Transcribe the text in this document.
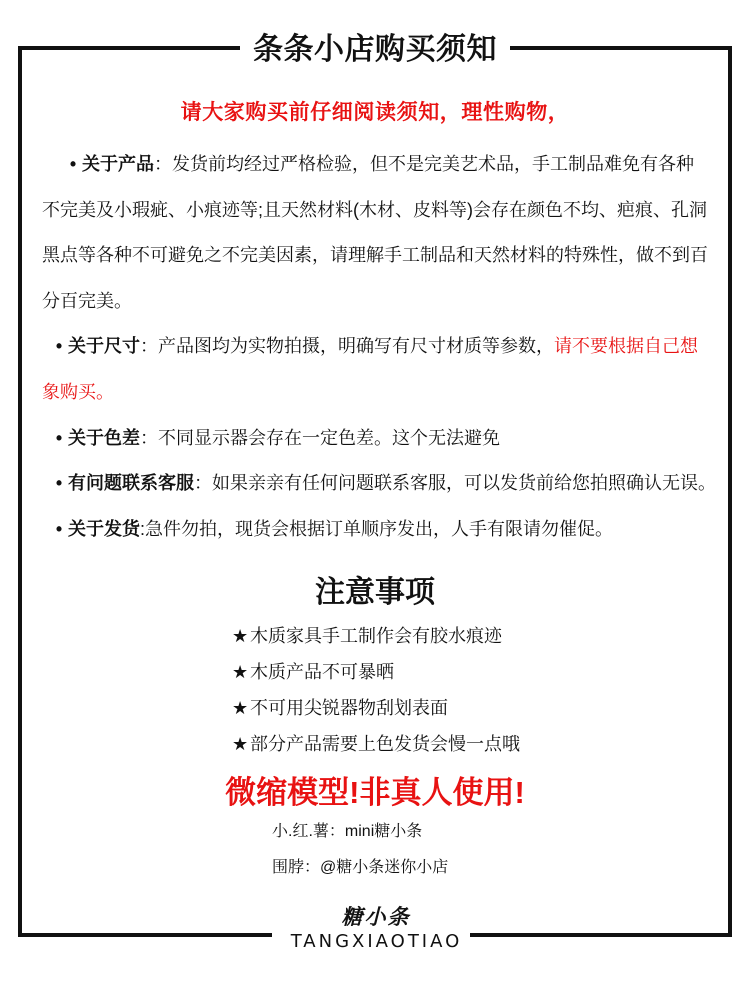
条条小店购买须知

请大家购买前仔细阅读须知，理性购物，

• 关于产品：发货前均经过严格检验，但不是完美艺术品，手工制品难免有各种
不完美及小瑕疵、小痕迹等;且天然材料(木材、皮料等)会存在颜色不均、疤痕、孔洞
黑点等各种不可避免之不完美因素，请理解手工制品和天然材料的特殊性，做不到百
分百完美。
• 关于尺寸：产品图均为实物拍摄，明确写有尺寸材质等参数，请不要根据自己想
象购买。
• 关于色差：不同显示器会存在一定色差。这个无法避免
• 有问题联系客服：如果亲亲有任何问题联系客服，可以发货前给您拍照确认无误。
• 关于发货:急件勿拍，现货会根据订单顺序发出，人手有限请勿催促。
注意事项
★ 木质家具手工制作会有胶水痕迹
★ 木质产品不可暴晒
★ 不可用尖锐器物刮划表面
★ 部分产品需要上色发货会慢一点哦
微缩模型!非真人使用!
小.红.薯：mini糖小条
围脖：@糖小条迷你小店
糖小条
TANGXIAOTIAO
